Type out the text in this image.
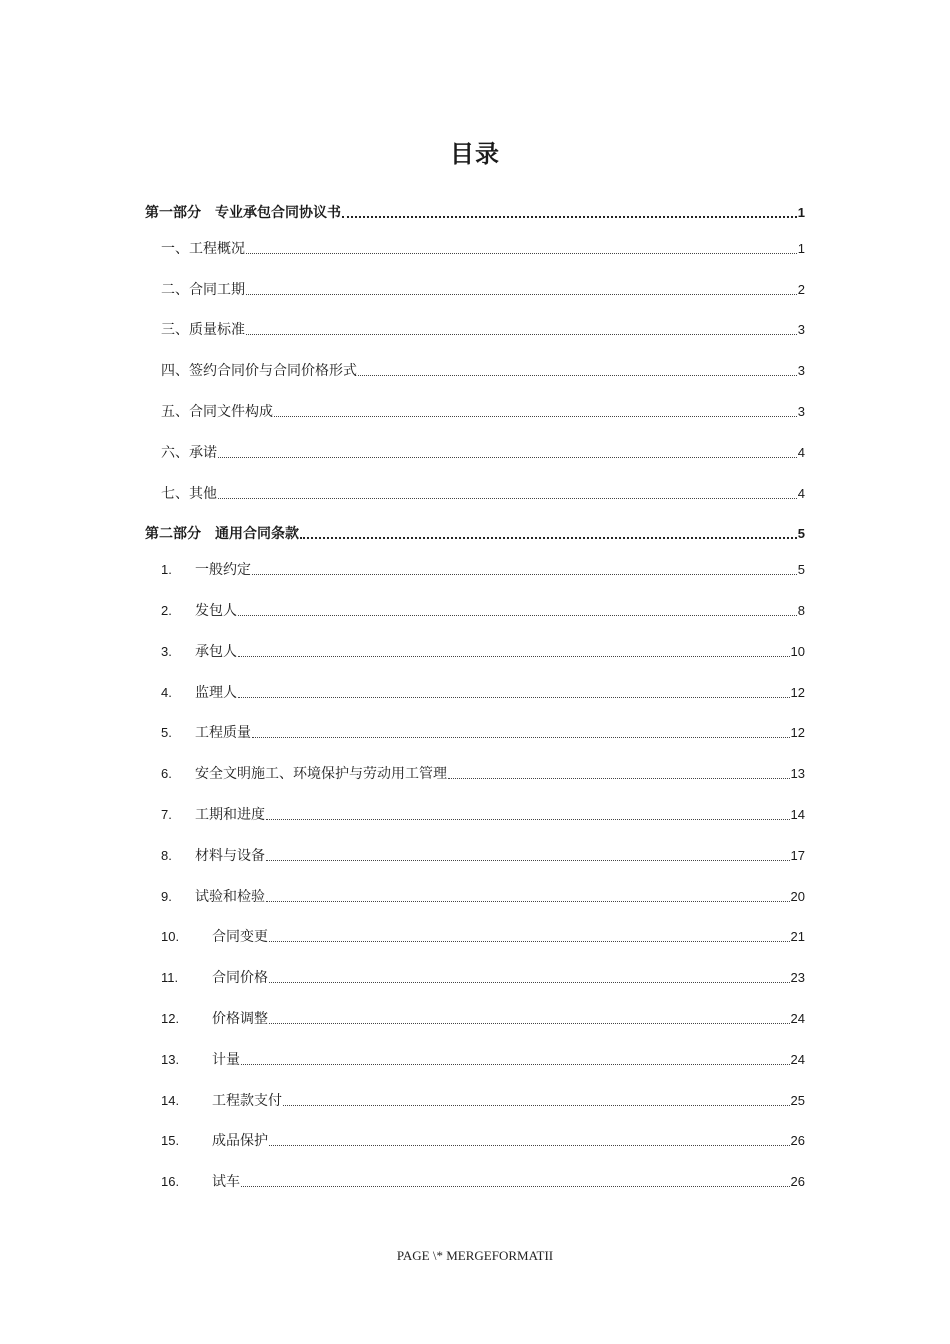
目录
第一部分　专业承包合同协议书	1
一、工程概况	1
二、合同工期	2
三、质量标准	3
四、签约合同价与合同价格形式	3
五、合同文件构成	3
六、承诺	4
七、其他	4
第二部分　通用合同条款	5
1.	一般约定	5
2.	发包人	8
3.	承包人	10
4.	监理人	12
5.	工程质量	12
6.	安全文明施工、环境保护与劳动用工管理	13
7.	工期和进度	14
8.	材料与设备	17
9.	试验和检验	20
10.	合同变更	21
11.	合同价格	23
12.	价格调整	24
13.	计量	24
14.	工程款支付	25
15.	成品保护	26
16.	试车	26
PAGE \* MERGEFORMATII
